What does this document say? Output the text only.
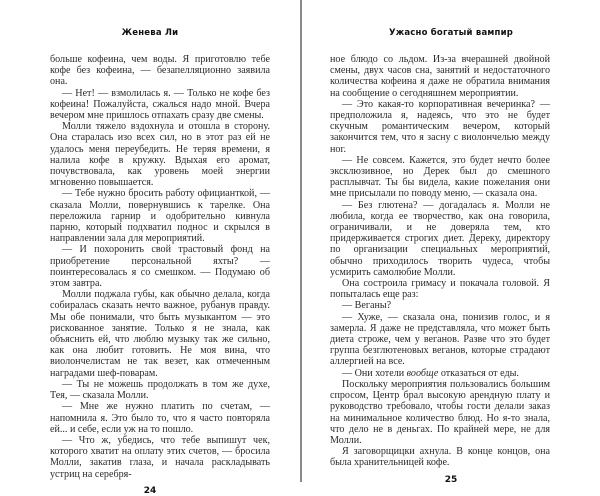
Женева Ли

больше кофеина, чем воды. Я приготовлю тебе кофе без кофеина, — безапелляционно заявила она.

— Нет! — взмолилась я. — Только не кофе без кофеина! Пожалуйста, сжалься надо мной. Вчера вечером мне пришлось отпахать сразу две смены.

Молли тяжело вздохнула и отошла в сторону. Она старалась изо всех сил, но в этот раз ей не удалось меня переубедить. Не теряя времени, я налила кофе в кружку. Вдыхая его аромат, почувствовала, как уровень моей энергии мгновенно повышается.

— Тебе нужно бросить работу официанткой, — сказала Молли, повернувшись к тарелке. Она переложила гарнир и одобрительно кивнула парню, который подхватил поднос и скрылся в направлении зала для мероприятий.

— И похоронить свой трастовый фонд на приобретение персональной яхты? — поинтересовалась я со смешком. — Подумаю об этом завтра.

Молли поджала губы, как обычно делала, когда собиралась сказать нечто важное, рубанув правду. Мы обе понимали, что быть музыкантом — это рискованное занятие. Только я не знала, как объяснить ей, что люблю музыку так же сильно, как она любит готовить. Не моя вина, что виолончелистам не так везет, как отмеченным наградами шеф-поварам.

— Ты не можешь продолжать в том же духе, Тея, — сказала Молли.

— Мне же нужно платить по счетам, — напомнила я. Это было то, что я часто повторяла ей... и себе, если уж на то пошло.

— Что ж, убедись, что тебе выпишут чек, которого хватит на оплату этих счетов, — бросила Молли, закатив глаза, и начала раскладывать устриц на серебря-

24
Ужасно богатый вампир

ное блюдо со льдом. Из-за вчерашней двойной смены, двух часов сна, занятий и недостаточного количества кофеина я даже не обратила внимания на сообщение о сегодняшнем мероприятии.

— Это какая-то корпоративная вечеринка? — предположила я, надеясь, что это не будет скучным романтическим вечером, который закончится тем, что я засну с виолончелью между ног.

— Не совсем. Кажется, это будет нечто более эксклюзивное, но Дерек был до смешного расплывчат. Ты бы видела, какие пожелания они мне присылали по поводу меню, — сказала она.

— Без глютена? — догадалась я. Молли не любила, когда ее творчество, как она говорила, ограничивали, и не доверяла тем, кто придерживается строгих диет. Дереку, директору по организации специальных мероприятий, обычно приходилось творить чудеса, чтобы усмирить самолюбие Молли.

Она состроила гримасу и покачала головой. Я попыталась еще раз:

— Веганы?

— Хуже, — сказала она, понизив голос, и я замерла. Я даже не представляла, что может быть диета строже, чем у веганов. Разве что это будет группа безглютеновых веганов, которые страдают аллергией на все.

— Они хотели вообще отказаться от еды.

Поскольку мероприятия пользовались большим спросом, Центр брал высокую арендную плату и руководство требовало, чтобы гости делали заказ на минимальное количество блюд. Но я-то знала, что дело не в деньгах. По крайней мере, не для Молли.

Я заговорщицки ахнула. В конце концов, она была хранительницей кофе.

25
